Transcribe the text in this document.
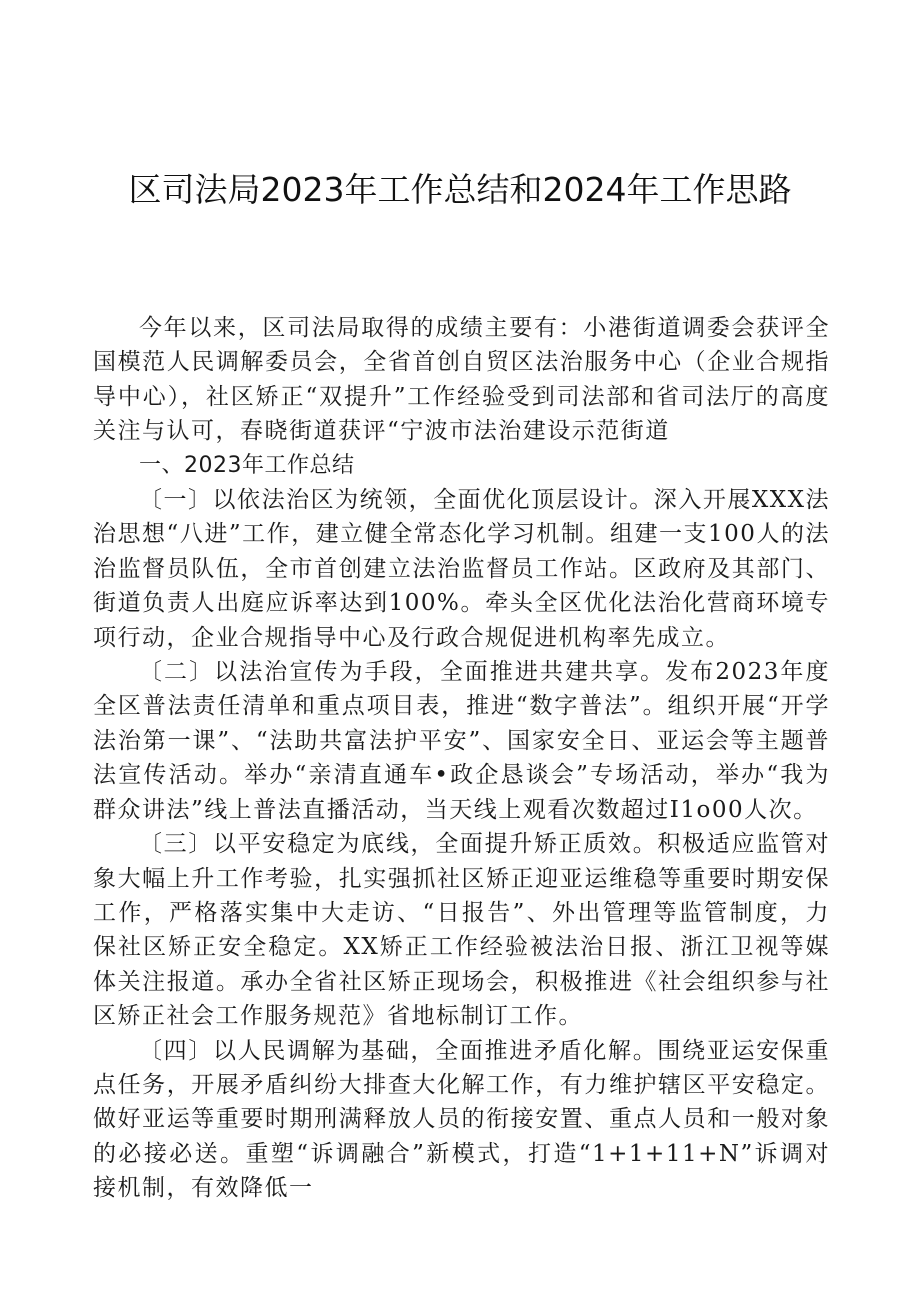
区司法局2023年工作总结和2024年工作思路

今年以来，区司法局取得的成绩主要有：小港街道调委会获评全国模范人民调解委员会，全省首创自贸区法治服务中心（企业合规指导中心），社区矫正“双提升”工作经验受到司法部和省司法厅的高度关注与认可，春晓街道获评“宁波市法治建设示范街道

一、2023年工作总结

〔一〕以依法治区为统领，全面优化顶层设计。深入开展XXX法治思想“八进”工作，建立健全常态化学习机制。组建一支100人的法治监督员队伍，全市首创建立法治监督员工作站。区政府及其部门、街道负责人出庭应诉率达到100%。牵头全区优化法治化营商环境专项行动，企业合规指导中心及行政合规促进机构率先成立。

〔二〕以法治宣传为手段，全面推进共建共享。发布2023年度全区普法责任清单和重点项目表，推进“数字普法”。组织开展“开学法治第一课”、“法助共富法护平安”、国家安全日、亚运会等主题普法宣传活动。举办“亲清直通车•政企恳谈会”专场活动，举办“我为群众讲法”线上普法直播活动，当天线上观看次数超过I1o00人次。

〔三〕以平安稳定为底线，全面提升矫正质效。积极适应监管对象大幅上升工作考验，扎实强抓社区矫正迎亚运维稳等重要时期安保工作，严格落实集中大走访、“日报告”、外出管理等监管制度，力保社区矫正安全稳定。XX矫正工作经验被法治日报、浙江卫视等媒体关注报道。承办全省社区矫正现场会，积极推进《社会组织参与社区矫正社会工作服务规范》省地标制订工作。

〔四〕以人民调解为基础，全面推进矛盾化解。围绕亚运安保重点任务，开展矛盾纠纷大排查大化解工作，有力维护辖区平安稳定。做好亚运等重要时期刑满释放人员的衔接安置、重点人员和一般对象的必接必送。重塑“诉调融合”新模式，打造“1+1+11+N”诉调对接机制，有效降低一
